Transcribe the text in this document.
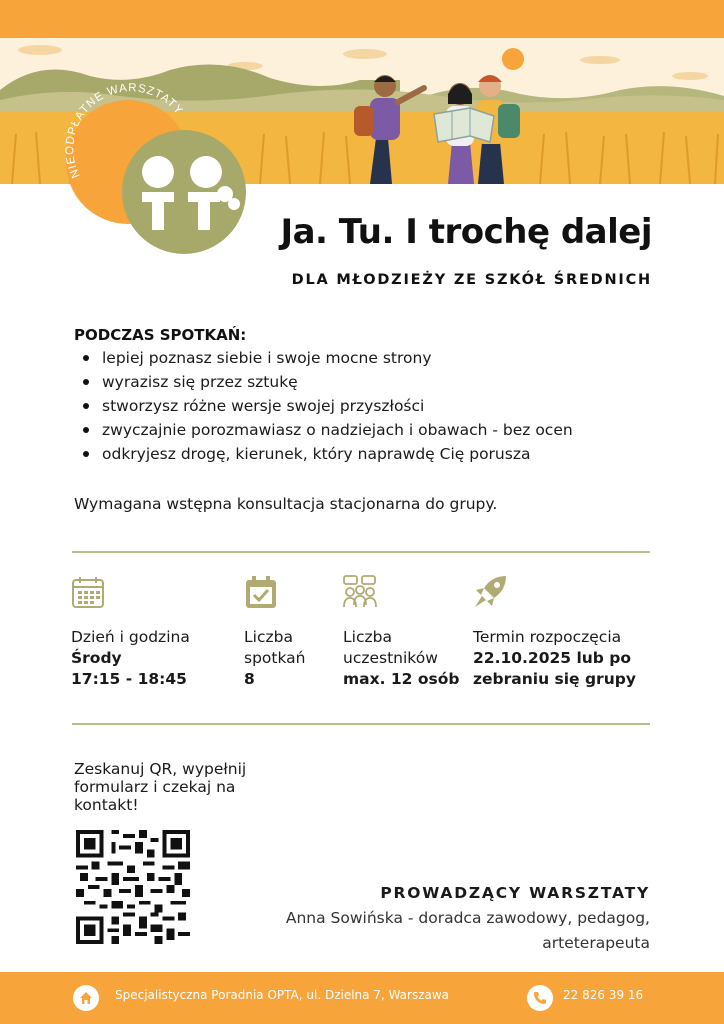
NIEODPŁATNE WARSZTATY
Ja. Tu. I trochę dalej
DLA MŁODZIEŻY ZE SZKÓŁ ŚREDNICH
PODCZAS SPOTKAŃ:
lepiej poznasz siebie i swoje mocne strony
wyrazisz się przez sztukę
stworzysz różne wersje swojej przyszłości
zwyczajnie porozmawiasz o nadziejach i obawach - bez ocen
odkryjesz drogę, kierunek, który naprawdę Cię porusza
Wymagana wstępna konsultacja stacjonarna do grupy.
Dzień i godzina
Środy
17:15 - 18:45
Liczba
spotkań
8
Liczba
uczestników
max. 12 osób
Termin rozpoczęcia
22.10.2025 lub po
zebraniu się grupy
Zeskanuj QR, wypełnij formularz i czekaj na kontakt!
PROWADZĄCY WARSZTATY
Anna Sowińska - doradca zawodowy, pedagog, arteterapeuta
Specjalistyczna Poradnia OPTA, ul. Dzielna 7, Warszawa	22 826 39 16
